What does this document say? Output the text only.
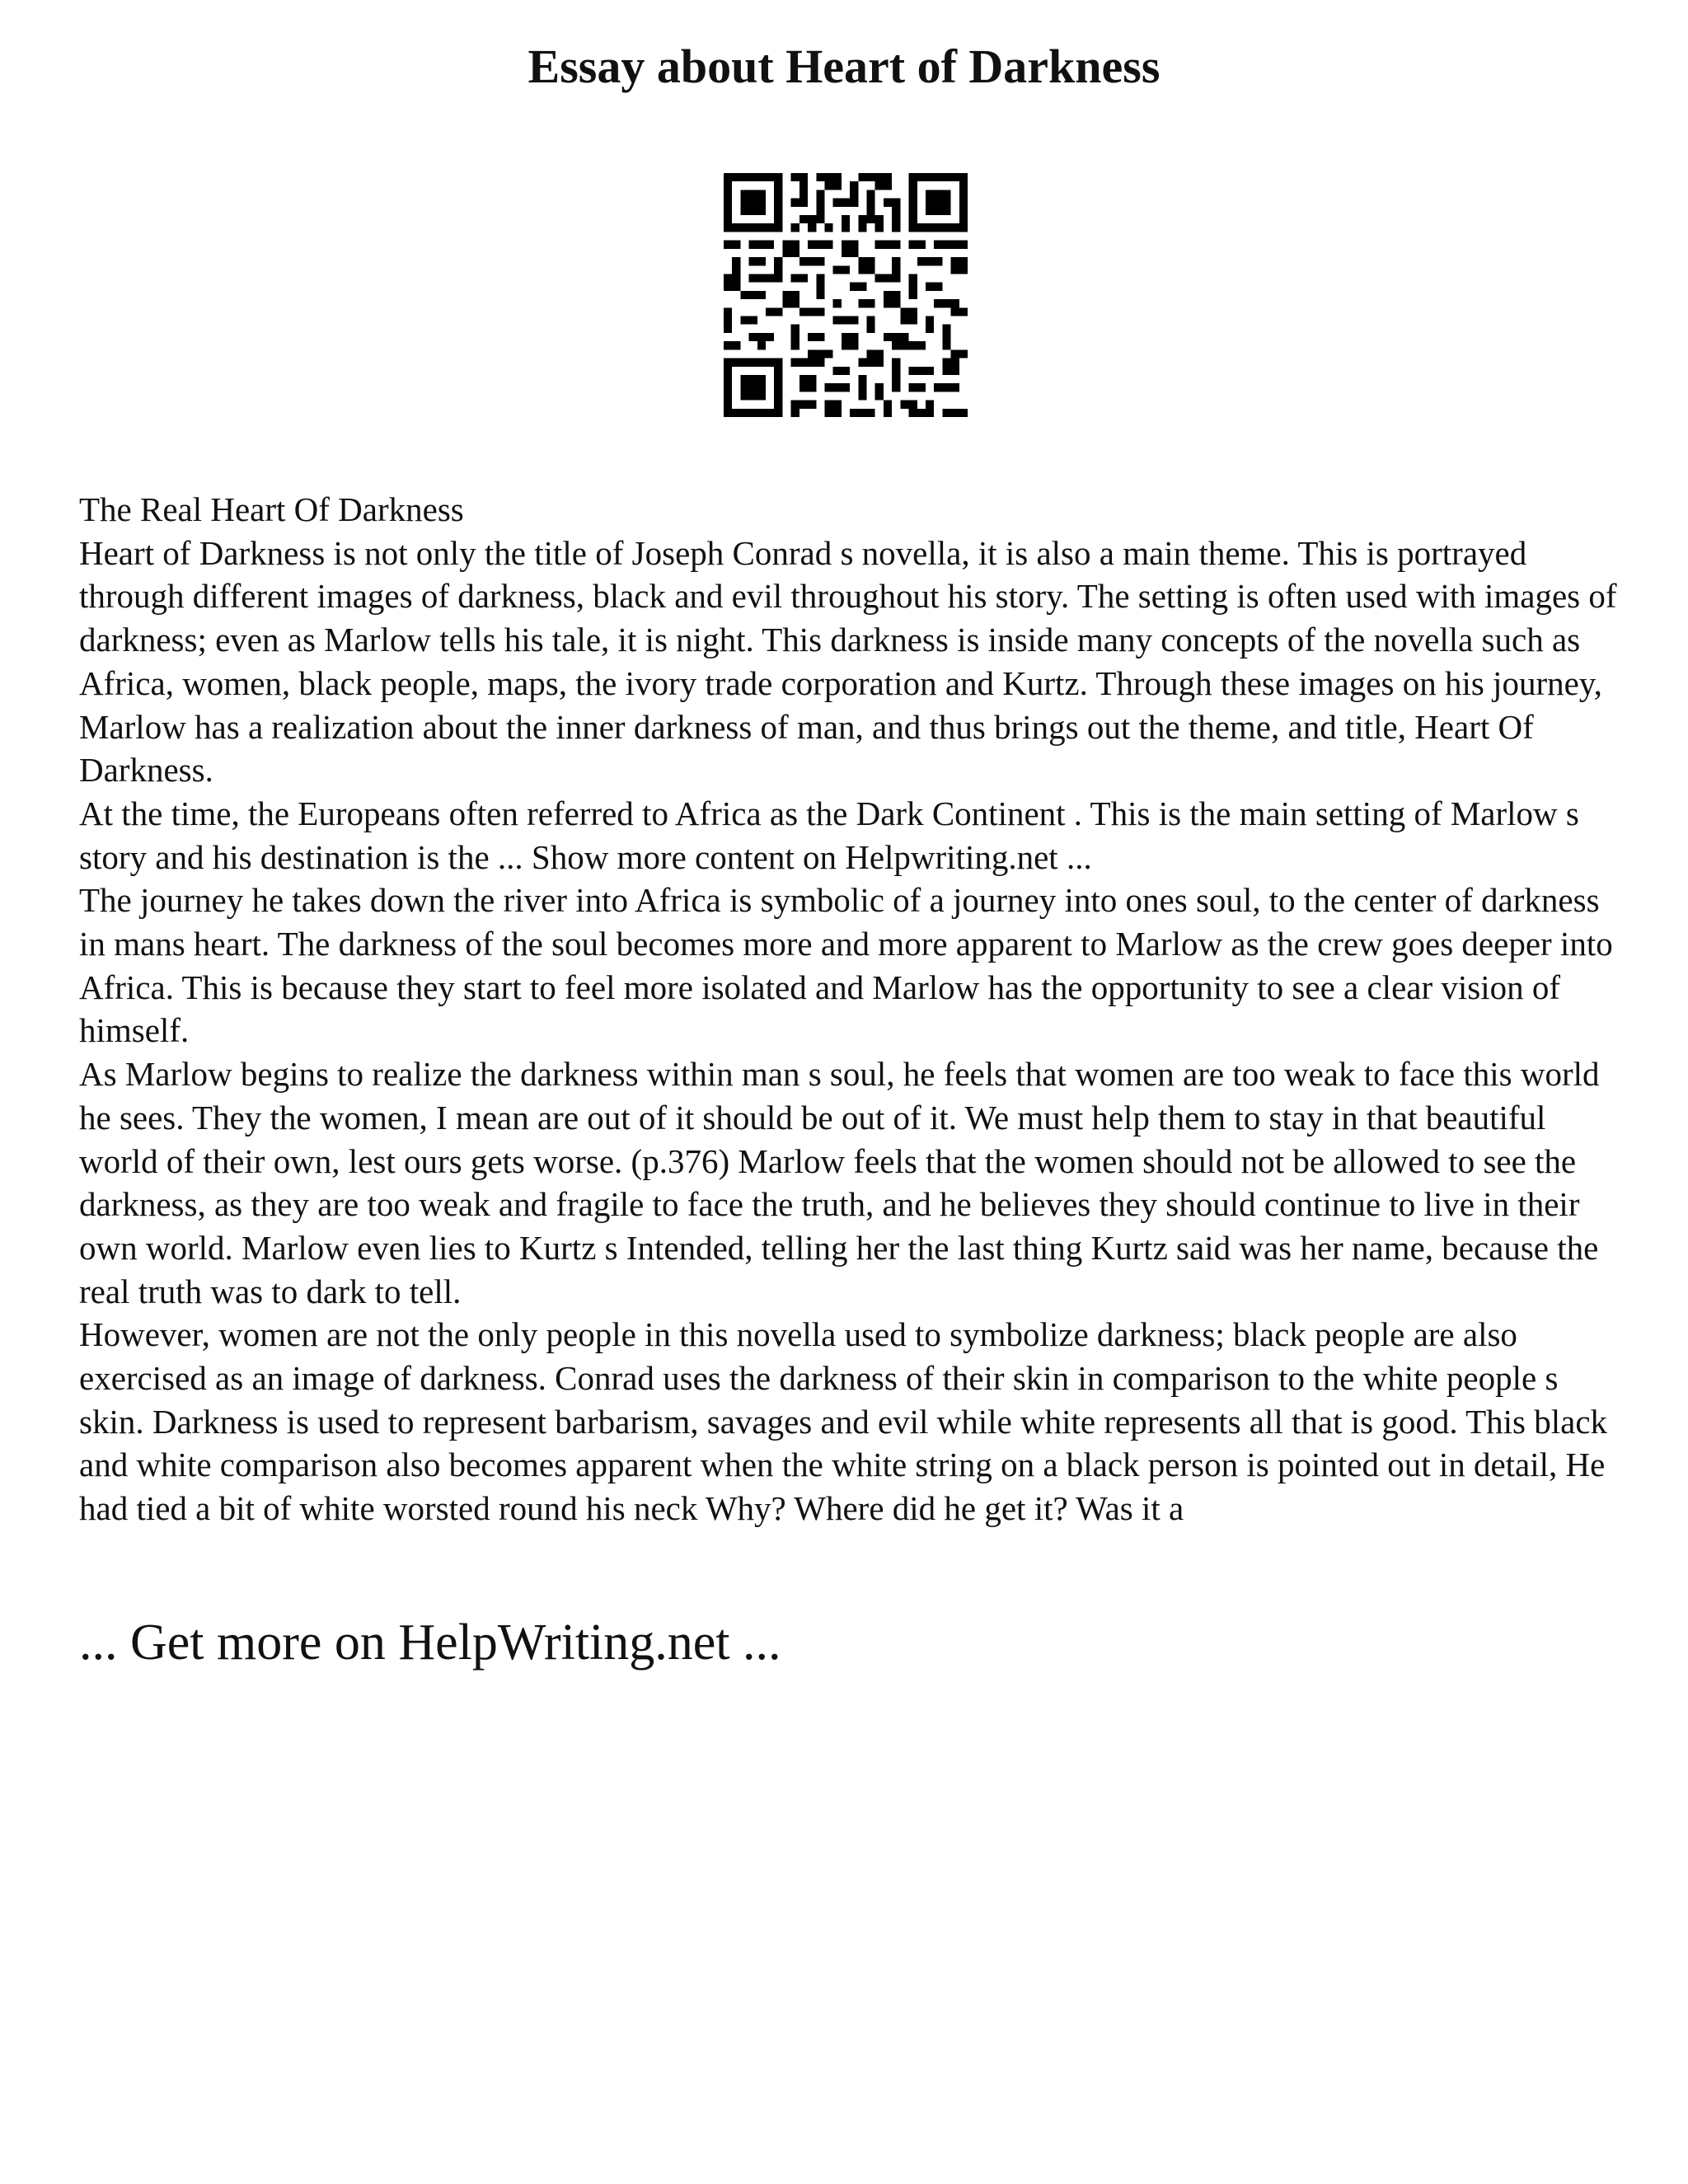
Essay about Heart of Darkness

The Real Heart Of Darkness

Heart of Darkness is not only the title of Joseph Conrad s novella, it is also a main theme. This is portrayed through different images of darkness, black and evil throughout his story. The setting is often used with images of darkness; even as Marlow tells his tale, it is night. This darkness is inside many concepts of the novella such as Africa, women, black people, maps, the ivory trade corporation and Kurtz. Through these images on his journey, Marlow has a realization about the inner darkness of man, and thus brings out the theme, and title, Heart Of Darkness.

At the time, the Europeans often referred to Africa as the Dark Continent . This is the main setting of Marlow s story and his destination is the ... Show more content on Helpwriting.net ...

The journey he takes down the river into Africa is symbolic of a journey into ones soul, to the center of darkness in mans heart. The darkness of the soul becomes more and more apparent to Marlow as the crew goes deeper into Africa. This is because they start to feel more isolated and Marlow has the opportunity to see a clear vision of himself.

As Marlow begins to realize the darkness within man s soul, he feels that women are too weak to face this world he sees. They the women, I mean are out of it should be out of it. We must help them to stay in that beautiful world of their own, lest ours gets worse. (p.376) Marlow feels that the women should not be allowed to see the darkness, as they are too weak and fragile to face the truth, and he believes they should continue to live in their own world. Marlow even lies to Kurtz s Intended, telling her the last thing Kurtz said was her name, because the real truth was to dark to tell.

However, women are not the only people in this novella used to symbolize darkness; black people are also exercised as an image of darkness. Conrad uses the darkness of their skin in comparison to the white people s skin. Darkness is used to represent barbarism, savages and evil while white represents all that is good. This black and white comparison also becomes apparent when the white string on a black person is pointed out in detail, He had tied a bit of white worsted round his neck Why? Where did he get it? Was it a

... Get more on HelpWriting.net ...
